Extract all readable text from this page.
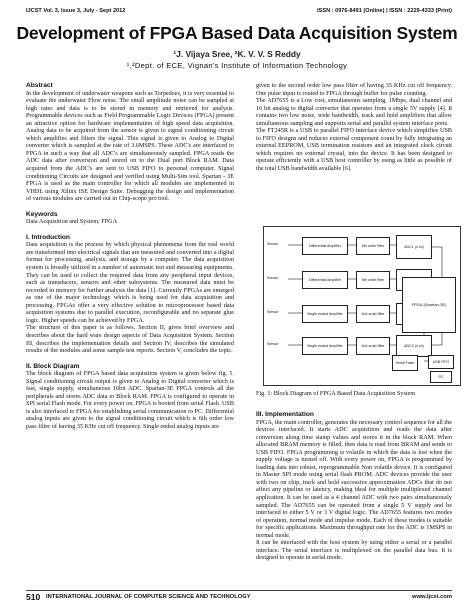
IJCST Vol. 3, Issue 3, July - Sept 2012	ISSN : 0976-8491 (Online) | ISSN : 2229-4333 (Print)
Development of FPGA Based Data Acquisition System
¹J. Vijaya Sree, ²K. V. V. S Reddy
¹,²Dept. of ECE, Vignan's Institute of Information Technology

Abstract

In the development of underwater weapons such as Torpedoes, it is very essential to evaluate the underwater Flow noise. The small amplitude noise can be sampled at high rates and data is to be stored in memory and retrieved for analysis. Programmable devices such as Field Programmable Logic Devices (FPGA) present an attractive option for hardware implementation of high speed data acquisition. Analog data to be acquired from the sensor is given to signal conditioning circuit which amplifies and filters the signal. This signal is given to Analog to Digital converter which is sampled at the rate of 3.6MSPS. These ADC's are interfaced to FPGA in such a way that all ADC's are simultaneously sampled. FPGA reads the ADC data after conversion and stored on to the Dual port Block RAM. Data acquired from the ADC's are sent to USB FIFO to personal computer. Signal conditioning Circuits are designed and verified using Multi-Sim tool. Spartan - 3E FPGA is used as the main controller for which all modules are implemented in VHDL using Xilinx ISE Design Suite. Debugging the design and implementation of various modules are carried out in Chip-scope pro tool.

Keywords

Data Acquisition and System; FPGA

I. Introduction

Data acquisition is the process by which physical phenomena from the real world are transformed into electrical signals that are measured and converted into a digital format for processing, analysis, and storage by a computer. The data acquisition system is broadly utilized in a number of automatic test and measuring equipments. They can be used to collect the required data from any peripheral input devices, such as transducers, sensors and other subsystems. The measured data must be recorded in memory for further analysis the data [1]. Currently FPGAs are emerged as one of the major technology which is being used for data acquisition and processing. FPGAs offer a very effective solution to microprocessor based data acquisition systems due to parallel execution, reconfigurable and no separate glue logic. Higher speeds can be achieved by FPGA.

The structure of this paper is as follows. Section II, gives brief overview and describes about the hard ware design aspects of Data Acquisition System. Section III, describes the implementation details and Section IV, describes the simulated results of the modules and some sample test reports. Section V, concludes the topic.

II. Block Diagram

The block diagram of FPGA based data acquisition system is given below fig. 1. Signal conditioning circuit output is given to Analog to Digital converter which is fast, single supply, simultaneous 16bit ADC. Spartan-3E FPGA controls all the peripherals and stores ADC data to Block RAM. FPGA is configured to operate in SPI serial Flash mode. For every power on, FPGA is booted from serial Flash. USB is also interfaced to FPGA for establishing serial communication to PC. Differential analog inputs are given to the signal conditioning circuit which is 6th order low pass filter of having 35 KHz cut off frequency. Single ended analog inputs are

given to the second order low pass filter of having 35 KHz cut off frequency. One pulse input is routed to FPGA through buffer for pulse counting.

The AD7655 is a Low cost, simultaneous sampling, 1Mbps, dual channel and 16 bit analog to digital converter that operates from a single 5V supply [4]. It contains two low noise, wide bandwidth, track and hold amplifiers that allow simultaneous sampling and supports serial and parallel system interface ports.

The FT245R is a USB to parallel FIFO interface device which simplifies USB to FIFO designs and reduces external component count by fully integrating an external EEPROM, USB termination resistors and an integrated clock circuit which requires no external crystal, into the device. It has been designed to operate efficiently with a USB host controller by using as little as possible of the total USB bandwidth available [6].

Sensor
Sensor
Sensor
Sensor
Differential Amplifier
Differential Amplifier
Single ended Amplifier
Single ended Amplifier
6th order filter
6th order filter
2nd order filter
2nd order filter
ADC1 (4 ch)
ADC4 (4 ch)
FPGA (Spartan-3E)
Serial Flash	USB FIFO
PC
Fig. 1: Block Diagram of FPGA Based Data Acquisition System

III. Implementation

FPGA, the main controller, generates the necessary control sequence for all the devices interfaced. It starts ADC acquisition and reads the data after conversion along time stamp values and stores it in the block RAM. When allocated BRAM memory is filled, then data is read from BRAM and sends to USB FIFO. FPGA programming is volatile in which the data is lost when the supply voltage is turned off. With every power on, FPGA is programmed by loading data into robust, reprogrammable Non volatile device. It is configured in Master SPI mode using serial flash PROM. ADC devices provide the user with two on chip, track and hold successive approximation ADCs that do not affect any pipeline or latency, making ideal for multiple multiplexed channel application. It can be used as a 4 channel ADC with two pairs simultaneously sampled. The AD7655 can be operated from a single 5 V supply and be interfaced to either 5 V or 3 V digital logic. The AD7655 features two modes of operation, normal mode and impulse mode. Each of these modes is suitable for specific applications. Maximum throughput rate for the ADC is 1MSPS in normal mode.

It can be interfaced with the host system by using either a serial or a parallel interface. The serial interface is multiplexed on the parallel data bus. It is designed to operate in serial mode.

510 INTERNATIONAL JOURNAL OF COMPUTER SCIENCE AND TECHNOLOGY	www.ijcst.com
